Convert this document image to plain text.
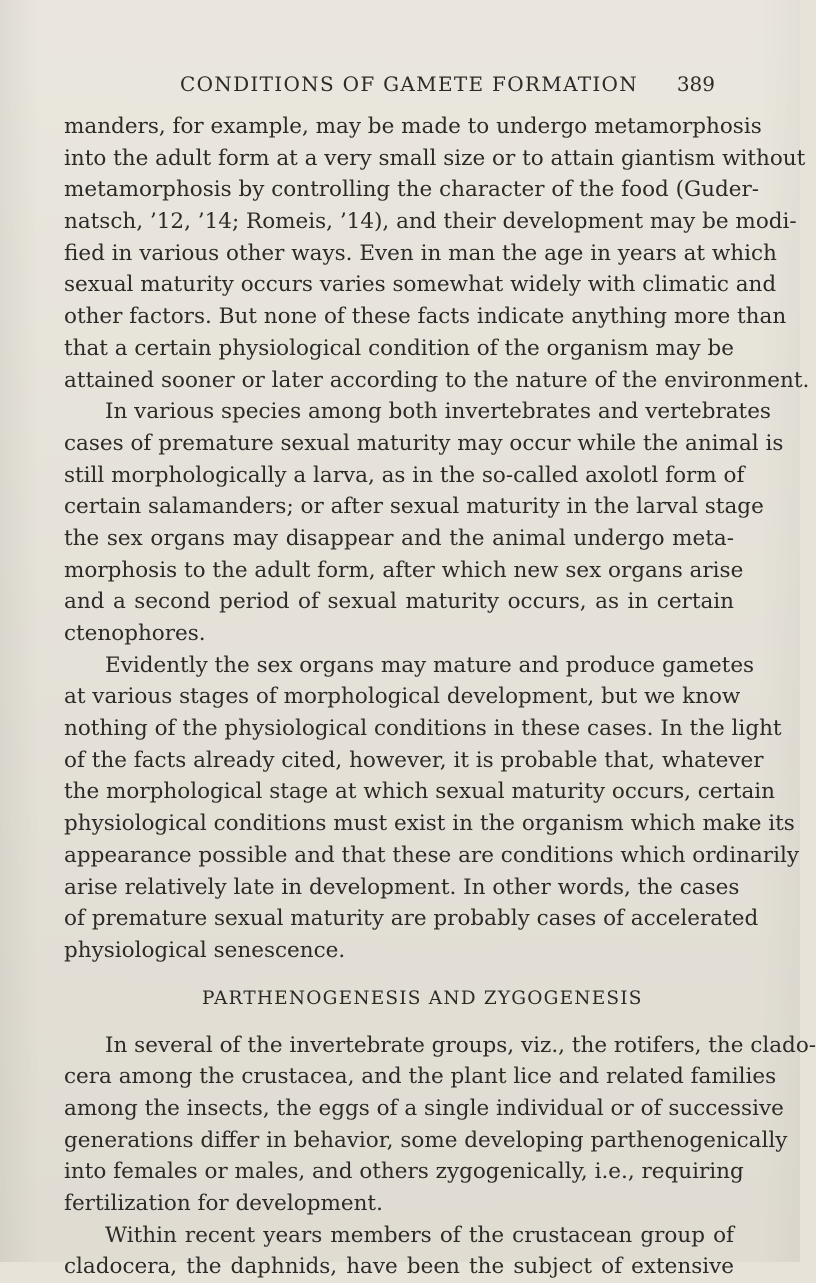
CONDITIONS OF GAMETE FORMATION 389
manders, for example, may be made to undergo metamorphosis
into the adult form at a very small size or to attain giantism without
metamorphosis by controlling the character of the food (Guder-
natsch, ’12, ’14; Romeis, ’14), and their development may be modi-
fied in various other ways. Even in man the age in years at which
sexual maturity occurs varies somewhat widely with climatic and
other factors. But none of these facts indicate anything more than
that a certain physiological condition of the organism may be
attained sooner or later according to the nature of the environment.
In various species among both invertebrates and vertebrates
cases of premature sexual maturity may occur while the animal is
still morphologically a larva, as in the so-called axolotl form of
certain salamanders; or after sexual maturity in the larval stage
the sex organs may disappear and the animal undergo meta-
morphosis to the adult form, after which new sex organs arise
and a second period of sexual maturity occurs, as in certain
ctenophores.
Evidently the sex organs may mature and produce gametes
at various stages of morphological development, but we know
nothing of the physiological conditions in these cases. In the light
of the facts already cited, however, it is probable that, whatever
the morphological stage at which sexual maturity occurs, certain
physiological conditions must exist in the organism which make its
appearance possible and that these are conditions which ordinarily
arise relatively late in development. In other words, the cases
of premature sexual maturity are probably cases of accelerated
physiological senescence.
PARTHENOGENESIS AND ZYGOGENESIS
In several of the invertebrate groups, viz., the rotifers, the clado-
cera among the crustacea, and the plant lice and related families
among the insects, the eggs of a single individual or of successive
generations differ in behavior, some developing parthenogenically
into females or males, and others zygogenically, i.e., requiring
fertilization for development.
Within recent years members of the crustacean group of
cladocera, the daphnids, have been the subject of extensive
